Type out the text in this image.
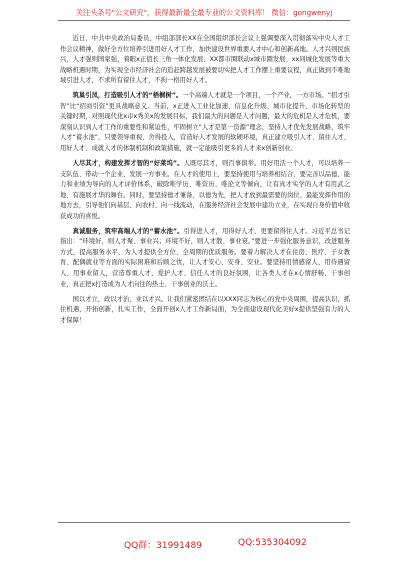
关注头条号"公文研究"，获得最新最全最专业的公文资料库！ 微信：gongwenyj

近日，中共中央政治局委员、中组部部长XX在全国组织部长会议上强调要深入贯彻落实中央人才工作会议精神，做好全方位培养引进用好人才工作，加快建设世界重要人才中心和创新高地。人才兴则民族兴，人才强则国家强，着眼x正值长三角一体化发展、XX都市圈联动x城市圈发展、xx同城化发展等重大战略机遇时期，为实现全市经济社会的追赶跨越发展被要切实把人才工作摆上重要议程，真正做到不唯地域引进人才，不求所有留住人才，不拘一格用好人才。

筑巢引凤，打造吸引人才的“梧桐树”。一个高端人才就是一个项目，一个产业，一方市场。“招才引智”比“招商引资”更具战略意义。当前，x正进入工业化加速、信息化升级、城市化提升、市场化转型的关键时期，对照现代化x市x秀美x的发展目标，我们最大的问题是人才问题，最大的危机是人才危机，要深刻认识到人才工作的重要性和紧迫性，牢固树立“人才是第一资源”理念，坚持人才优先发展战略，筑牢人才“蓄水池”，只要领导重视，舍得投入，营造好人才发展的软硬环境，真正建立吸引人才、留住人才、用好人才、成就人才的体制机制和政策措施，就一定能吸引更多的人才来x创新创业。

人尽其才，构建发挥才智的“好莱坞”。人既尽其才，则百事俱举。用好用活一个人才，可以培养一支队伍、带动一个企业、发展一方事业。在人才的使用上，要坚持使用与培养相结合，要完善以品德、能力和业绩为导向的人才评价体系，破除唯学历、唯资历、唯论文等倾向，让有真才实学的人才有用武之地、有施展才华的舞台。同时，要坚持德才兼备、以德为先，把人才放到最需要的岗位、最能发挥作用的地方去，引导他们向基层、向农村、向一线流动，在服务经济社会发展中建功立业，在实现自身价值中收获成功的喜悦。

真诚服务，筑牢高端人才的“蓄水池”。引得进人才，用得好人才，更要留得住人才。习近平总书记指出：“环境好，则人才聚、事业兴；环境不好，则人才散、事业衰。”要进一步强化服务意识，改进服务方式，提高服务水平，为人才提供全方位、全周期的优质服务。要着力解决人才在住房、医疗、子女教育、配偶就业等方面的实际困难和后顾之忧，让人才安心、安身、安业。要坚持用情感留人、用待遇留人、用事业留人，营造尊重人才、爱护人才、信任人才的良好氛围，让各类人才在x心情舒畅、干事创业，真正把x打造成为人才向往的热土、干事创业的沃土。

国以才立，政以才治，业以才兴。让我们紧密团结在以XXX同志为核心的党中央周围，提高认识，抓住机遇，开拓创新，扎实工作，全面开创x人才工作新局面，为全面建设现代化美好x提供坚强有力的人才保障！

QQ群：31991489	QQ:535304092
